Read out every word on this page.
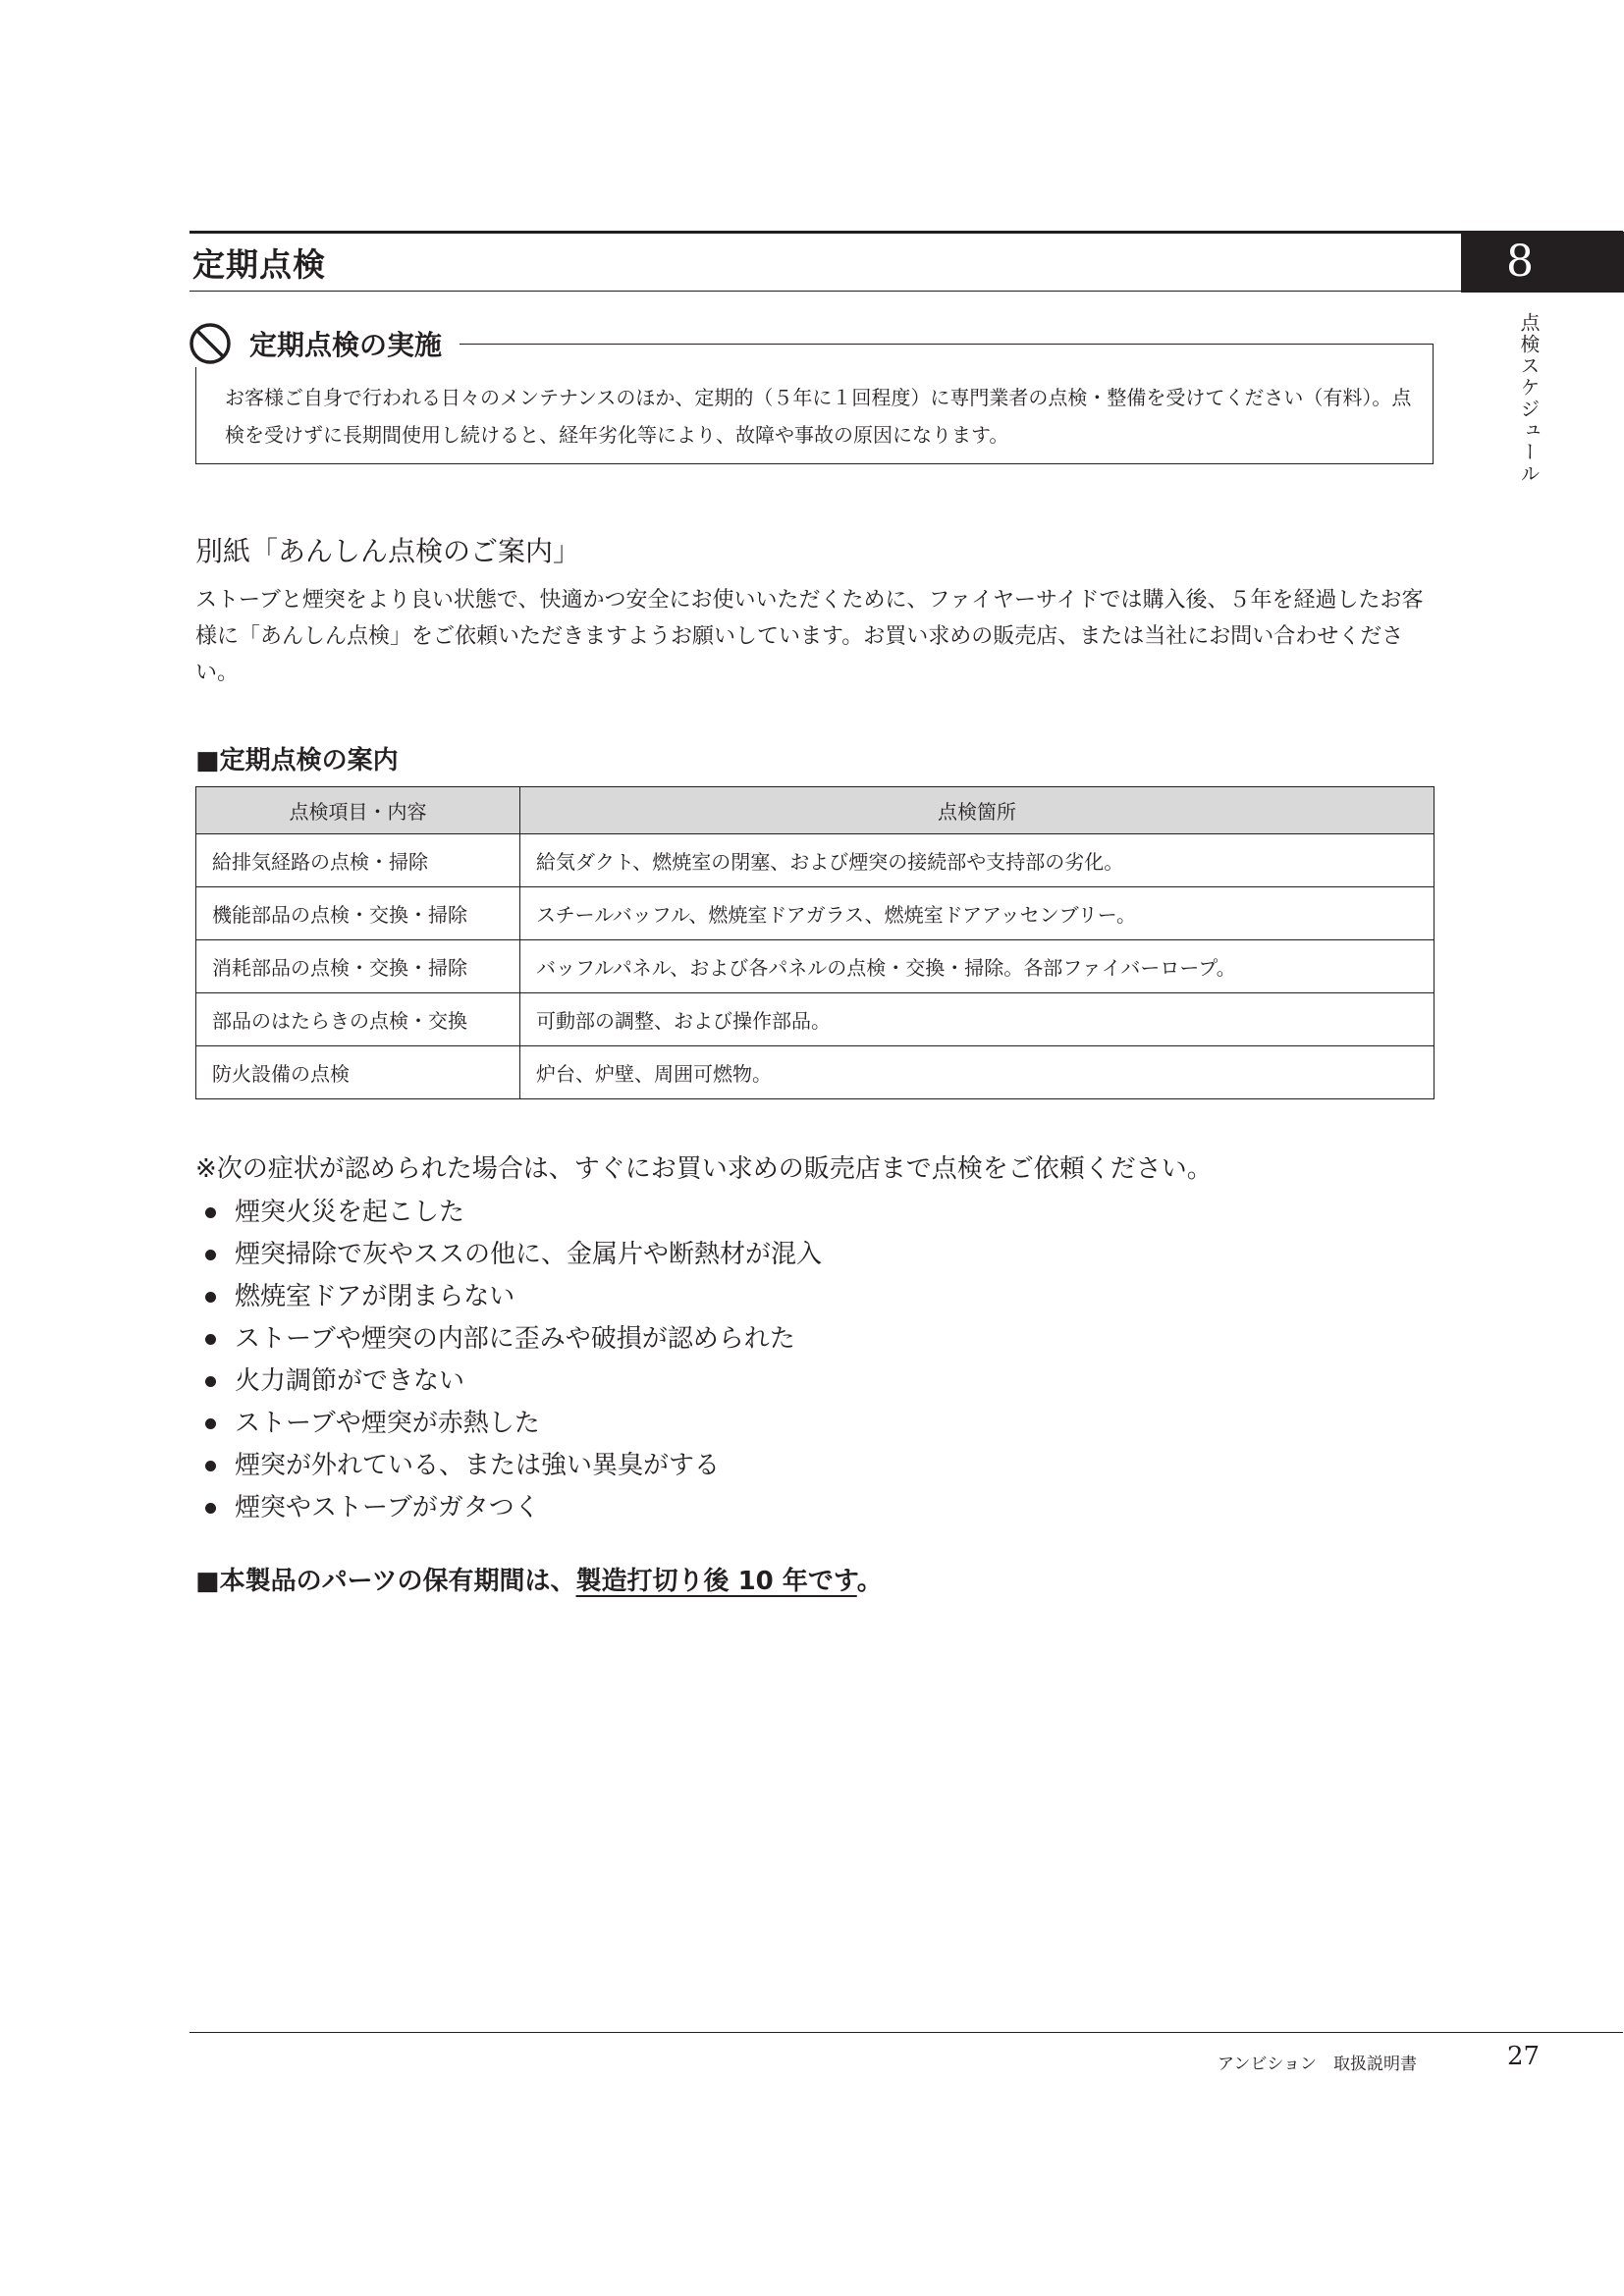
定期点検	8
点検スケジュール
定期点検の実施
お客様ご自身で行われる日々のメンテナンスのほか、定期的（５年に１回程度）に専門業者の点検・整備を受けてください（有料）。点検を受けずに長期間使用し続けると、経年劣化等により、故障や事故の原因になります。
別紙「あんしん点検のご案内」
ストーブと煙突をより良い状態で、快適かつ安全にお使いいただくために、ファイヤーサイドでは購入後、５年を経過したお客様に「あんしん点検」をご依頼いただきますようお願いしています。お買い求めの販売店、または当社にお問い合わせください。
■定期点検の案内
点検項目・内容	点検箇所
給排気経路の点検・掃除	給気ダクト、燃焼室の閉塞、および煙突の接続部や支持部の劣化。
機能部品の点検・交換・掃除	スチールバッフル、燃焼室ドアガラス、燃焼室ドアアッセンブリー。
消耗部品の点検・交換・掃除	バッフルパネル、および各パネルの点検・交換・掃除。各部ファイバーロープ。
部品のはたらきの点検・交換	可動部の調整、および操作部品。
防火設備の点検	炉台、炉壁、周囲可燃物。
※次の症状が認められた場合は、すぐにお買い求めの販売店まで点検をご依頼ください。
煙突火災を起こした
煙突掃除で灰やススの他に、金属片や断熱材が混入
燃焼室ドアが閉まらない
ストーブや煙突の内部に歪みや破損が認められた
火力調節ができない
ストーブや煙突が赤熱した
煙突が外れている、または強い異臭がする
煙突やストーブがガタつく
■本製品のパーツの保有期間は、製造打切り後 10 年です。
アンビション　取扱説明書	27
